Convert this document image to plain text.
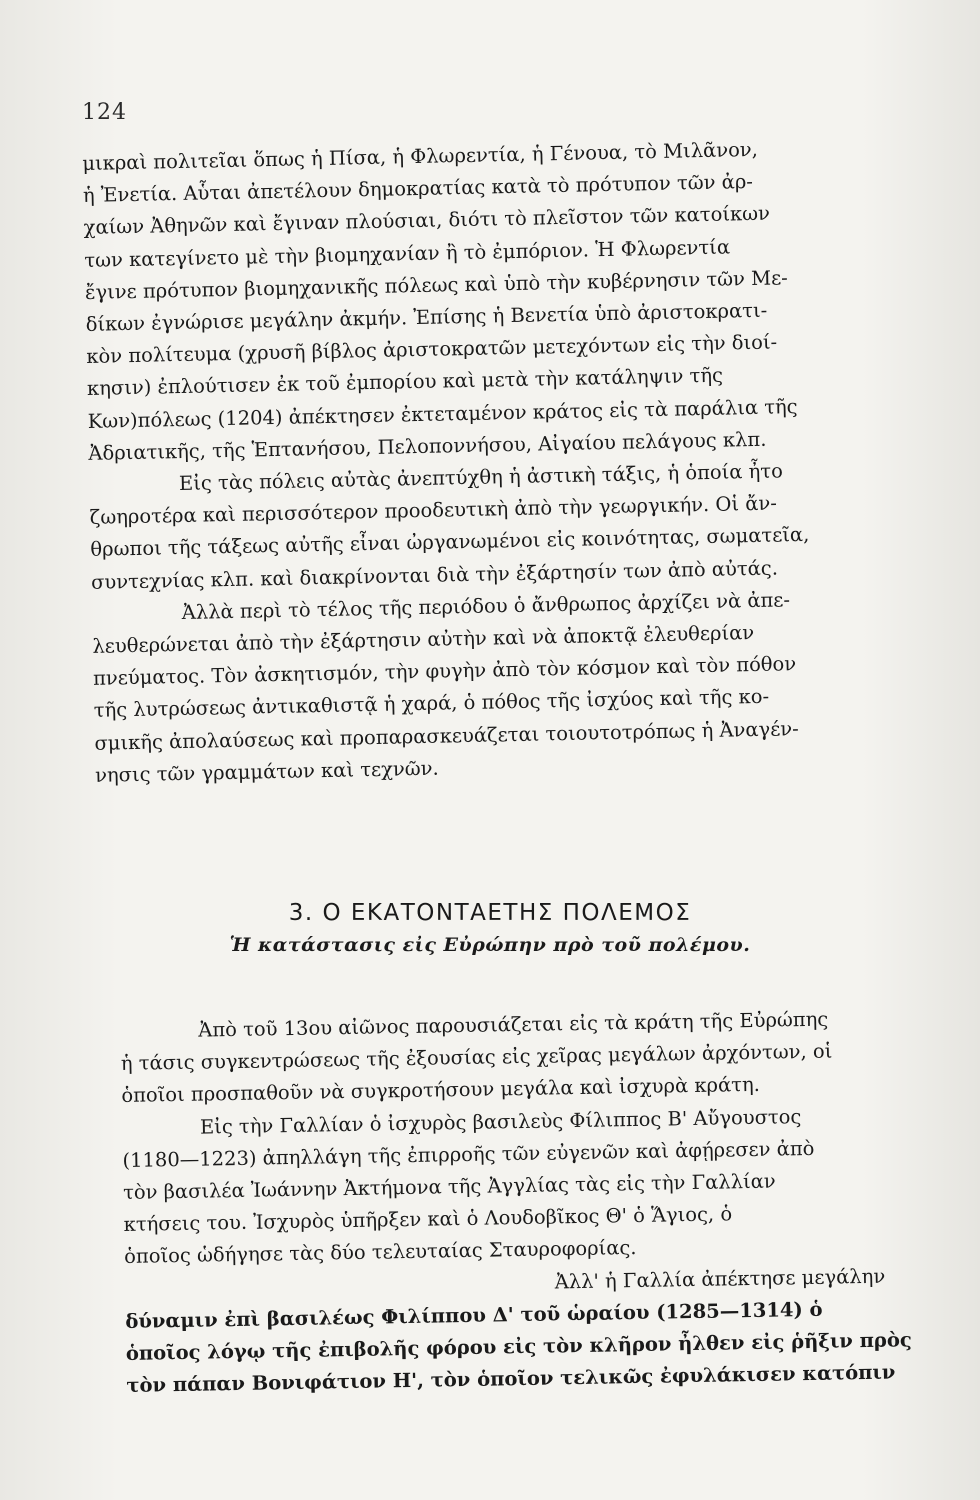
124
μικραὶ πολιτεῖαι ὅπως ἡ Πίσα, ἡ Φλωρεντία, ἡ Γένουα, τὸ Μιλᾶνον,
ἡ Ἐνετία. Αὗται ἀπετέλουν δημοκρατίας κατὰ τὸ πρότυπον τῶν ἀρ-
χαίων Ἀθηνῶν καὶ ἔγιναν πλούσιαι, διότι τὸ πλεῖστον τῶν κατοίκων
των κατεγίνετο μὲ τὴν βιομηχανίαν ἢ τὸ ἐμπόριον. Ἡ Φλωρεντία
ἔγινε πρότυπον βιομηχανικῆς πόλεως καὶ ὑπὸ τὴν κυβέρνησιν τῶν Με-
δίκων ἐγνώρισε μεγάλην ἀκμήν. Ἐπίσης ἡ Βενετία ὑπὸ ἀριστοκρατι-
κὸν πολίτευμα (χρυσῆ βίβλος ἀριστοκρατῶν μετεχόντων εἰς τὴν διοί-
κησιν) ἐπλούτισεν ἐκ τοῦ ἐμπορίου καὶ μετὰ τὴν κατάληψιν τῆς
Κων)πόλεως (1204) ἀπέκτησεν ἐκτεταμένον κράτος εἰς τὰ παράλια τῆς
Ἀδριατικῆς, τῆς Ἑπτανήσου, Πελοποννήσου, Αἰγαίου πελάγους κλπ.
Εἰς τὰς πόλεις αὐτὰς ἀνεπτύχθη ἡ ἀστικὴ τάξις, ἡ ὁποία ἦτο
ζωηροτέρα καὶ περισσότερον προοδευτικὴ ἀπὸ τὴν γεωργικήν. Οἱ ἄν-
θρωποι τῆς τάξεως αὐτῆς εἶναι ὠργανωμένοι εἰς κοινότητας, σωματεῖα,
συντεχνίας κλπ. καὶ διακρίνονται διὰ τὴν ἐξάρτησίν των ἀπὸ αὐτάς.
Ἀλλὰ περὶ τὸ τέλος τῆς περιόδου ὁ ἄνθρωπος ἀρχίζει νὰ ἀπε-
λευθερώνεται ἀπὸ τὴν ἐξάρτησιν αὐτὴν καὶ νὰ ἀποκτᾷ ἐλευθερίαν
πνεύματος. Τὸν ἀσκητισμόν, τὴν φυγὴν ἀπὸ τὸν κόσμον καὶ τὸν πόθον
τῆς λυτρώσεως ἀντικαθιστᾷ ἡ χαρά, ὁ πόθος τῆς ἰσχύος καὶ τῆς κο-
σμικῆς ἀπολαύσεως καὶ προπαρασκευάζεται τοιουτοτρόπως ἡ Ἀναγέν-
νησις τῶν γραμμάτων καὶ τεχνῶν.
3. Ο ΕΚΑΤΟΝΤΑΕΤΗΣ ΠΟΛΕΜΟΣ
Ἡ κατάστασις εἰς Εὐρώπην πρὸ τοῦ πολέμου.
Ἀπὸ τοῦ 13ου αἰῶνος παρουσιάζεται εἰς τὰ κράτη τῆς Εὐρώπης
ἡ τάσις συγκεντρώσεως τῆς ἐξουσίας εἰς χεῖρας μεγάλων ἀρχόντων, οἱ
ὁποῖοι προσπαθοῦν νὰ συγκροτήσουν μεγάλα καὶ ἰσχυρὰ κράτη.
Εἰς τὴν Γαλλίαν ὁ ἰσχυρὸς βασιλεὺς Φίλιππος Β' Αὔγουστος
(1180—1223) ἀπηλλάγη τῆς ἐπιρροῆς τῶν εὐγενῶν καὶ ἀφῄρεσεν ἀπὸ
τὸν βασιλέα Ἰωάννην Ἀκτήμονα τῆς Ἀγγλίας τὰς εἰς τὴν Γαλλίαν
κτήσεις του. Ἰσχυρὸς ὑπῆρξεν καὶ ὁ Λουδοβῖκος Θ' ὁ Ἅγιος, ὁ
ὁποῖος ὡδήγησε τὰς δύο τελευταίας Σταυροφορίας.
Ἀλλ' ἡ Γαλλία ἀπέκτησε μεγάλην
δύναμιν ἐπὶ βασιλέως Φιλίππου Δ' τοῦ ὡραίου (1285—1314) ὁ
ὁποῖος λόγῳ τῆς ἐπιβολῆς φόρου εἰς τὸν κλῆρον ἦλθεν εἰς ῥῆξιν πρὸς
τὸν πάπαν Βονιφάτιον Η', τὸν ὁποῖον τελικῶς ἐφυλάκισεν κατόπιν
